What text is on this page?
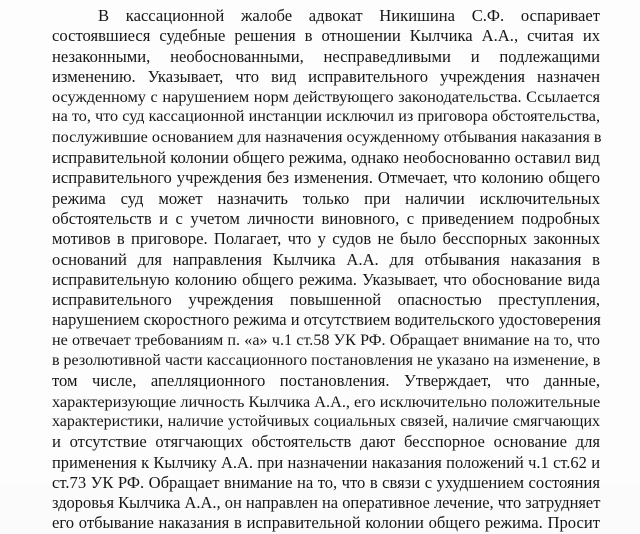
В кассационной жалобе адвокат Никишина С.Ф. оспаривает
состоявшиеся судебные решения в отношении Кылчика А.А., считая их
незаконными, необоснованными, несправедливыми и подлежащими
изменению. Указывает, что вид исправительного учреждения назначен
осужденному с нарушением норм действующего законодательства. Ссылается
на то, что суд кассационной инстанции исключил из приговора обстоятельства,
послужившие основанием для назначения осужденному отбывания наказания в
исправительной колонии общего режима, однако необоснованно оставил вид
исправительного учреждения без изменения. Отмечает, что колонию общего
режима суд может назначить только при наличии исключительных
обстоятельств и с учетом личности виновного, с приведением подробных
мотивов в приговоре. Полагает, что у судов не было бесспорных законных
оснований для направления Кылчика А.А. для отбывания наказания в
исправительную колонию общего режима. Указывает, что обоснование вида
исправительного учреждения повышенной опасностью преступления,
нарушением скоростного режима и отсутствием водительского удостоверения
не отвечает требованиям п. «а» ч.1 ст.58 УК РФ. Обращает внимание на то, что
в резолютивной части кассационного постановления не указано на изменение, в
том числе, апелляционного постановления. Утверждает, что данные,
характеризующие личность Кылчика А.А., его исключительно положительные
характеристики, наличие устойчивых социальных связей, наличие смягчающих
и отсутствие отягчающих обстоятельств дают бесспорное основание для
применения к Кылчику А.А. при назначении наказания положений ч.1 ст.62 и
ст.73 УК РФ. Обращает внимание на то, что в связи с ухудшением состояния
здоровья Кылчика А.А., он направлен на оперативное лечение, что затрудняет
его отбывание наказания в исправительной колонии общего режима. Просит
